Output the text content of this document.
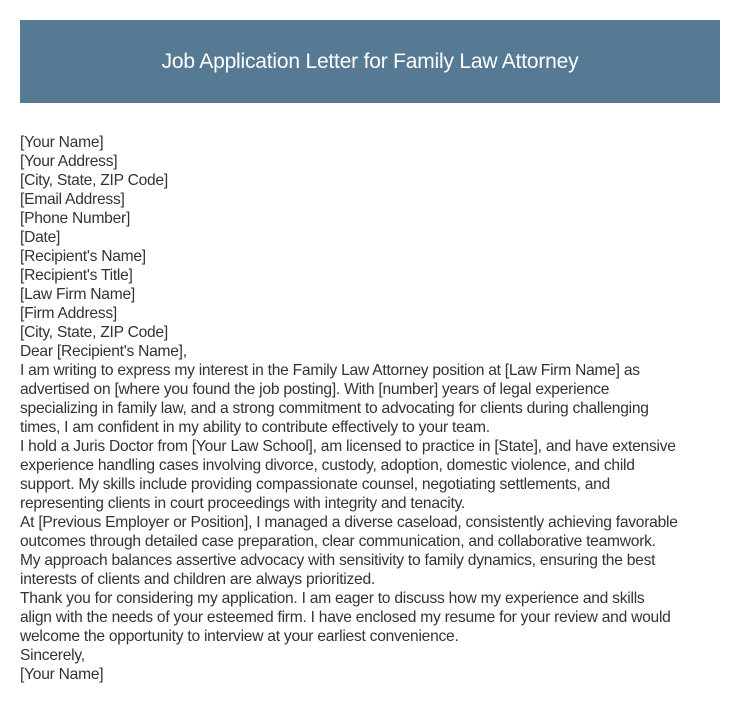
Job Application Letter for Family Law Attorney
[Your Name]
[Your Address]
[City, State, ZIP Code]
[Email Address]
[Phone Number]
[Date]
[Recipient's Name]
[Recipient's Title]
[Law Firm Name]
[Firm Address]
[City, State, ZIP Code]
Dear [Recipient's Name],
I am writing to express my interest in the Family Law Attorney position at [Law Firm Name] as
advertised on [where you found the job posting]. With [number] years of legal experience
specializing in family law, and a strong commitment to advocating for clients during challenging
times, I am confident in my ability to contribute effectively to your team.
I hold a Juris Doctor from [Your Law School], am licensed to practice in [State], and have extensive
experience handling cases involving divorce, custody, adoption, domestic violence, and child
support. My skills include providing compassionate counsel, negotiating settlements, and
representing clients in court proceedings with integrity and tenacity.
At [Previous Employer or Position], I managed a diverse caseload, consistently achieving favorable
outcomes through detailed case preparation, clear communication, and collaborative teamwork.
My approach balances assertive advocacy with sensitivity to family dynamics, ensuring the best
interests of clients and children are always prioritized.
Thank you for considering my application. I am eager to discuss how my experience and skills
align with the needs of your esteemed firm. I have enclosed my resume for your review and would
welcome the opportunity to interview at your earliest convenience.
Sincerely,
[Your Name]
